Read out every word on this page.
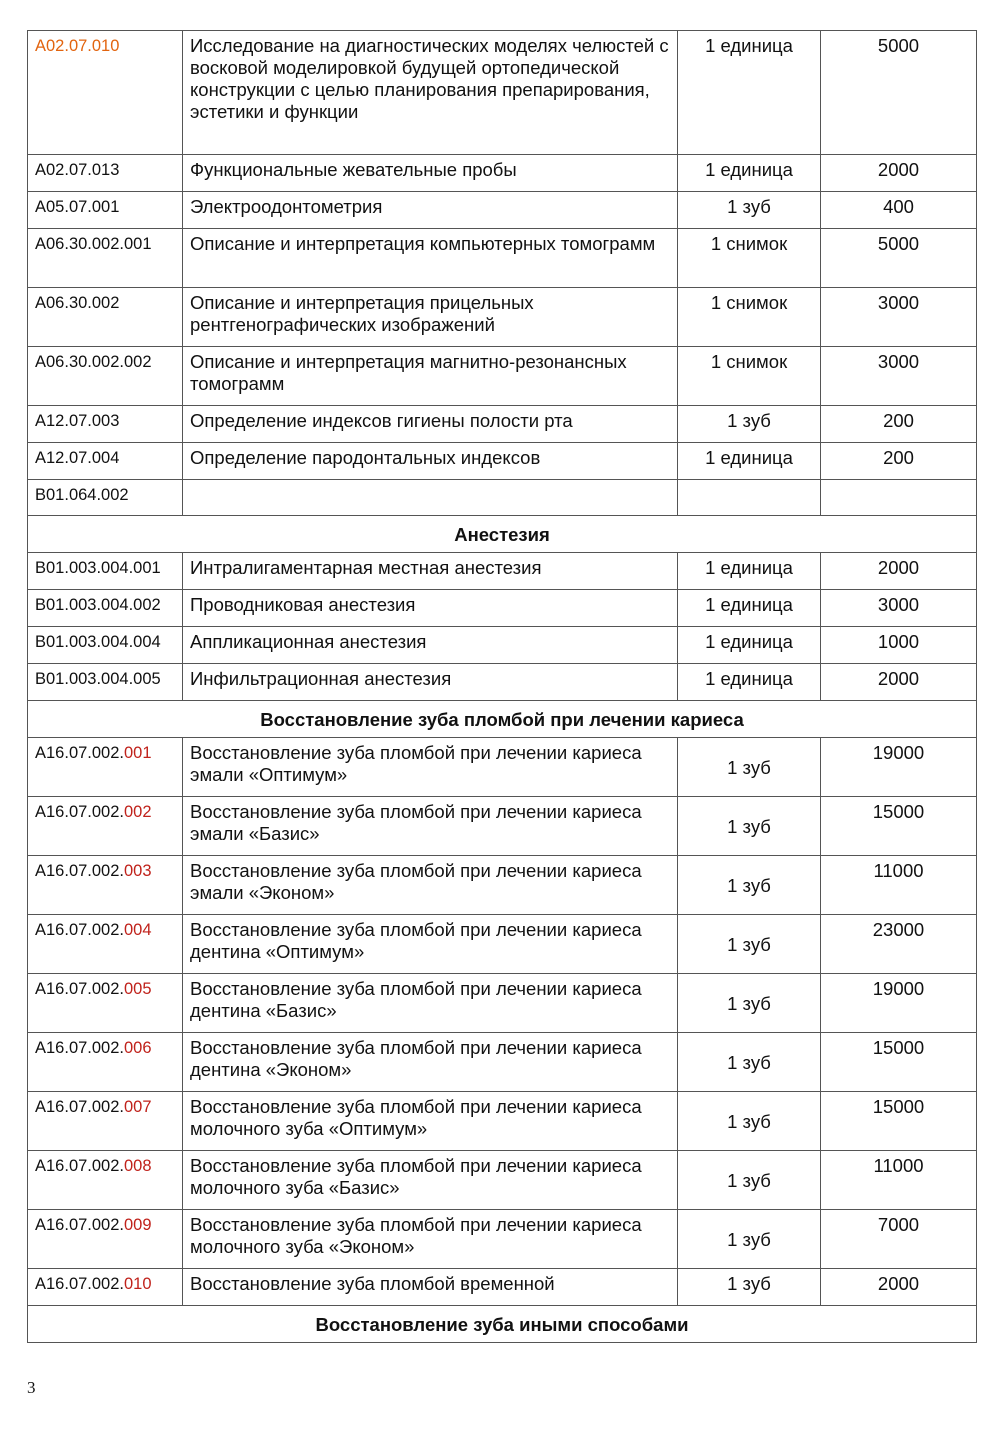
A02.07.010	Исследование на диагностических моделях челюстей с восковой моделировкой будущей ортопедической конструкции с целью планирования препарирования, эстетики и функции	1 единица	5000
A02.07.013	Функциональные жевательные пробы	1 единица	2000
A05.07.001	Электроодонтометрия	1 зуб	400
A06.30.002.001	Описание и интерпретация компьютерных томограмм	1 снимок	5000
A06.30.002	Описание и интерпретация прицельных рентгенографических изображений	1 снимок	3000
A06.30.002.002	Описание и интерпретация магнитно-резонансных томограмм	1 снимок	3000
A12.07.003	Определение индексов гигиены полости рта	1 зуб	200
A12.07.004	Определение пародонтальных индексов	1 единица	200
B01.064.002			
Анестезия			
B01.003.004.001	Интралигаментарная местная анестезия	1 единица	2000
B01.003.004.002	Проводниковая анестезия	1 единица	3000
B01.003.004.004	Аппликационная анестезия	1 единица	1000
B01.003.004.005	Инфильтрационная анестезия	1 единица	2000
Восстановление зуба пломбой при лечении кариеса			
A16.07.002.001	Восстановление зуба пломбой при лечении кариеса эмали «Оптимум»	1 зуб	19000
A16.07.002.002	Восстановление зуба пломбой при лечении кариеса эмали «Базис»	1 зуб	15000
A16.07.002.003	Восстановление зуба пломбой при лечении кариеса эмали «Эконом»	1 зуб	11000
A16.07.002.004	Восстановление зуба пломбой при лечении кариеса дентина «Оптимум»	1 зуб	23000
A16.07.002.005	Восстановление зуба пломбой при лечении кариеса дентина «Базис»	1 зуб	19000
A16.07.002.006	Восстановление зуба пломбой при лечении кариеса дентина «Эконом»	1 зуб	15000
A16.07.002.007	Восстановление зуба пломбой при лечении кариеса молочного зуба «Оптимум»	1 зуб	15000
A16.07.002.008	Восстановление зуба пломбой при лечении кариеса молочного зуба «Базис»	1 зуб	11000
A16.07.002.009	Восстановление зуба пломбой при лечении кариеса молочного зуба «Эконом»	1 зуб	7000
A16.07.002.010	Восстановление зуба пломбой временной	1 зуб	2000
Восстановление зуба иными способами			
3
